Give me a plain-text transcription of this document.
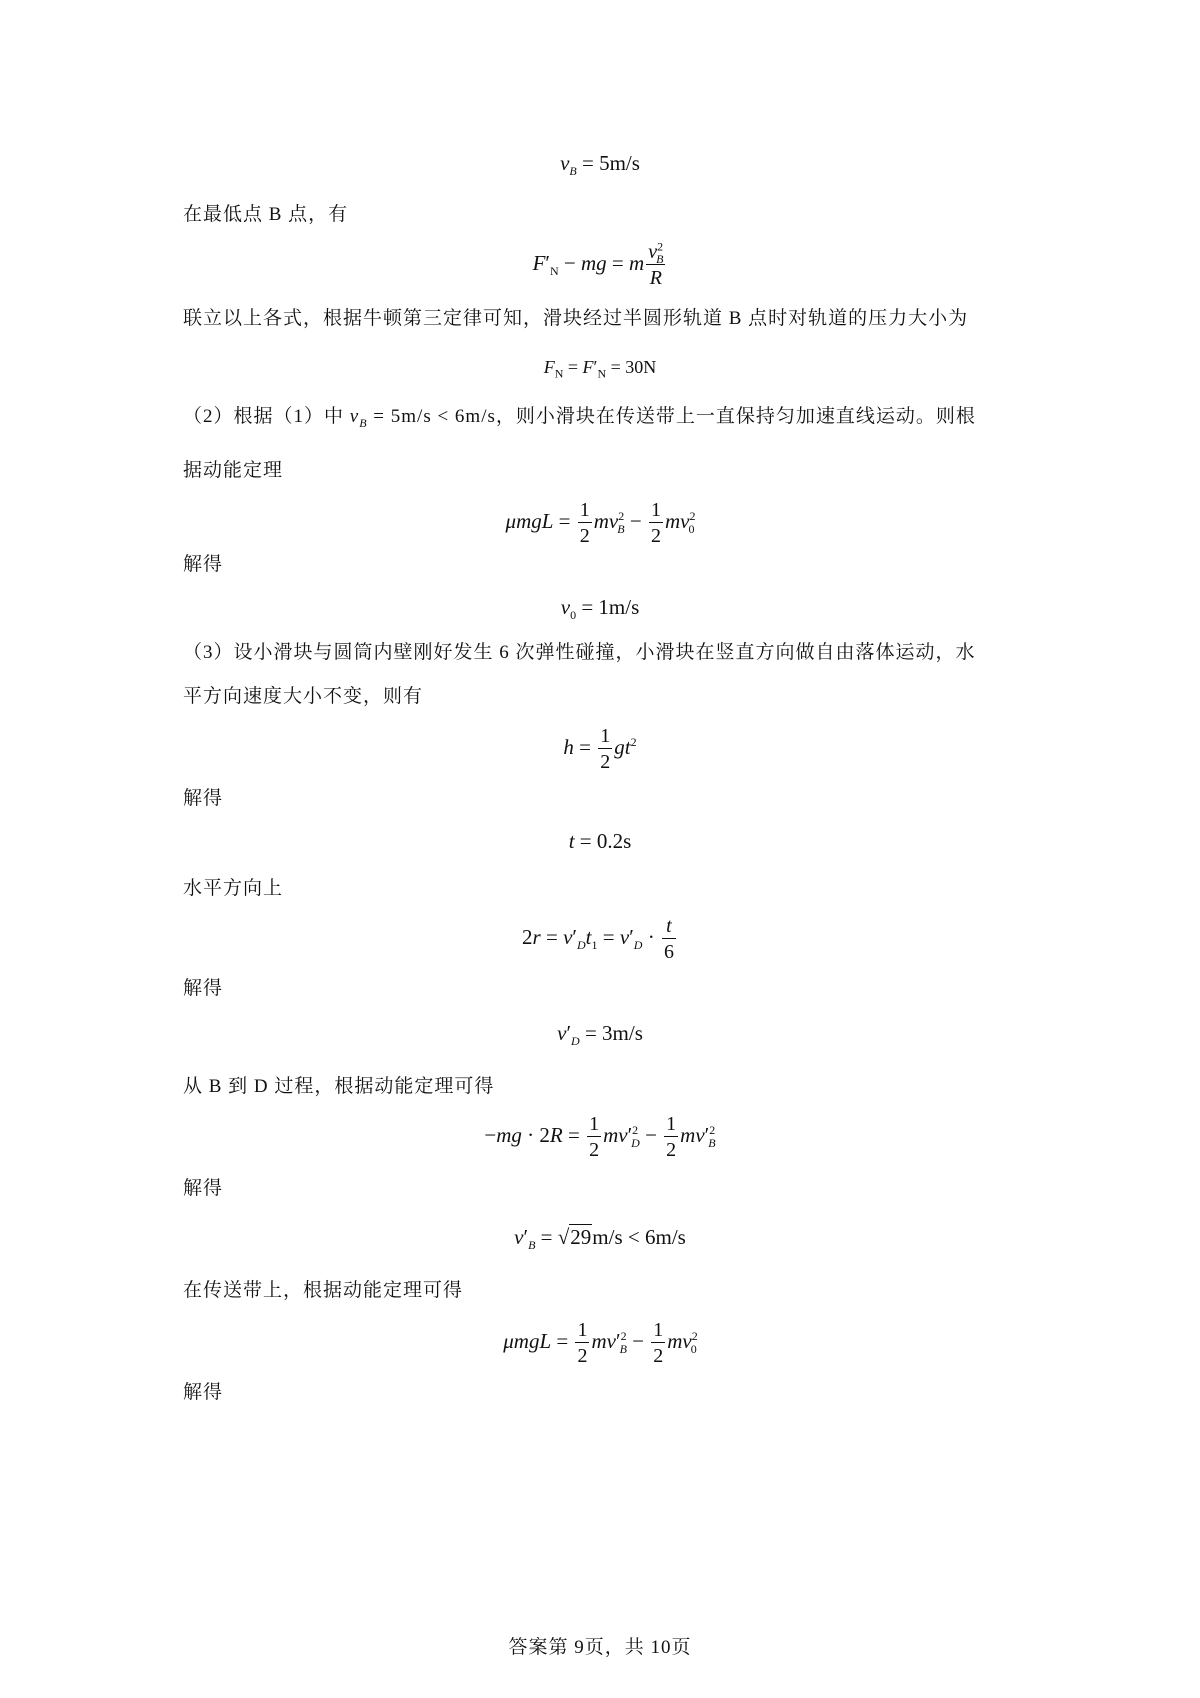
$v_B = 5m/s$
在最低点 B 点，有
$F'_N$ − mg = m $\frac{v^2_B}{R}$
联立以上各式，根据牛顿第三定律可知，滑块经过半圆形轨道 B 点时对轨道的压力大小为
$F_N = F'_N = 30N$
（2）根据（1）中 $v_B = 5m/s < 6m/s$，则小滑块在传送带上一直保持匀加速直线运动。则根
据动能定理
$\mu mgL = \frac{1}{2} mv^2_B - \frac{1}{2} mv^2_0$
解得
$v_0 = 1m/s$
（3）设小滑块与圆筒内壁刚好发生 6 次弹性碰撞，小滑块在竖直方向做自由落体运动，水
平方向速度大小不变，则有
$h = \frac{1}{2} gt^2$
解得
t = 0.2s
水平方向上
$2r = v'_Dt_1 = v'_D \cdot \frac{t}{6}$
解得
$v'_D = 3m/s$
从 B 到 D 过程，根据动能定理可得
$-mg \cdot 2R = \frac{1}{2} mv'^2_D - \frac{1}{2} mv'^2_B$
解得
$v'_B = √29m/s < 6m/s$
在传送带上，根据动能定理可得
$\mu mgL = \frac{1}{2} mv'^2_B - \frac{1}{2} mv^2_0$
解得
答案第 9页，共 10页
